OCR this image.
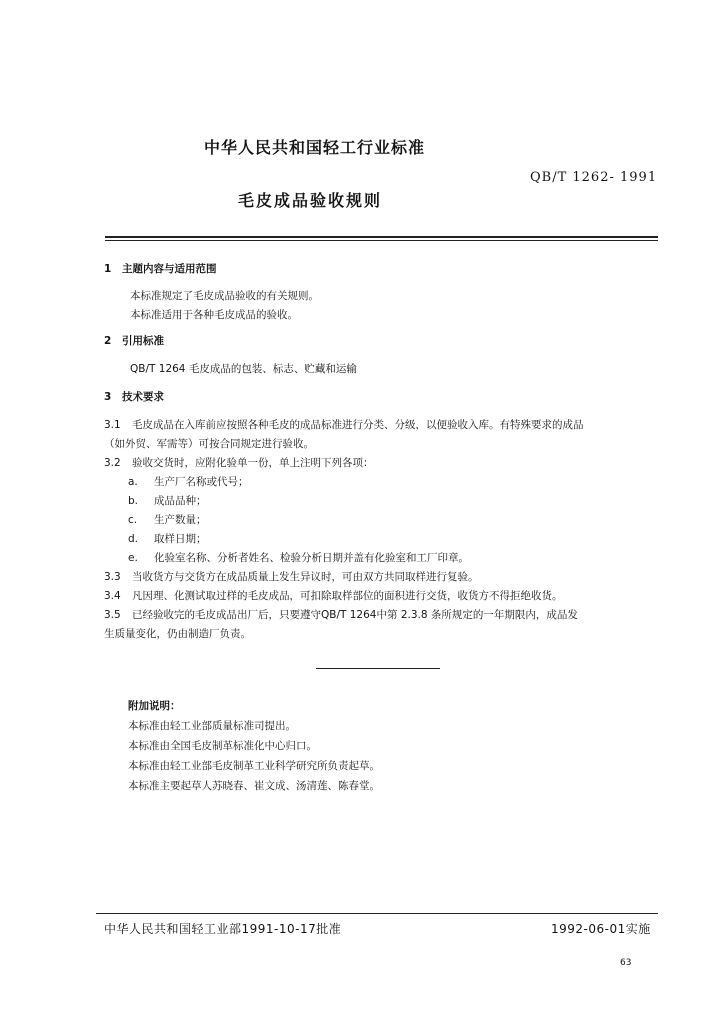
中华人民共和国轻工行业标准
QB/T 1262- 1991
毛皮成品验收规则
1 主题内容与适用范围
本标准规定了毛皮成品验收的有关规则。
本标准适用于各种毛皮成品的验收。
2 引用标准
QB/T 1264 毛皮成品的包装、标志、贮藏和运输
3 技术要求
3.1 毛皮成品在入库前应按照各种毛皮的成品标准进行分类、分级，以便验收入库。有特殊要求的成品
（如外贸、军需等）可按合同规定进行验收。
3.2 验收交货时，应附化验单一份，单上注明下列各项：
a. 生产厂名称或代号；
b. 成品品种；
c. 生产数量；
d. 取样日期；
e. 化验室名称、分析者姓名、检验分析日期并盖有化验室和工厂印章。
3.3 当收货方与交货方在成品质量上发生异议时，可由双方共同取样进行复验。
3.4 凡因理、化测试取过样的毛皮成品，可扣除取样部位的面积进行交货，收货方不得拒绝收货。
3.5 已经验收完的毛皮成品出厂后，只要遵守QB/T 1264中第 2.3.8 条所规定的一年期限内，成品发
生质量变化，仍由制造厂负责。
附加说明：
本标准由轻工业部质量标准司提出。
本标准由全国毛皮制革标准化中心归口。
本标准由轻工业部毛皮制革工业科学研究所负责起草。
本标准主要起草人苏晓春、崔文成、汤清莲、陈春堂。
中华人民共和国轻工业部1991-10-17批准	1992-06-01实施
63
